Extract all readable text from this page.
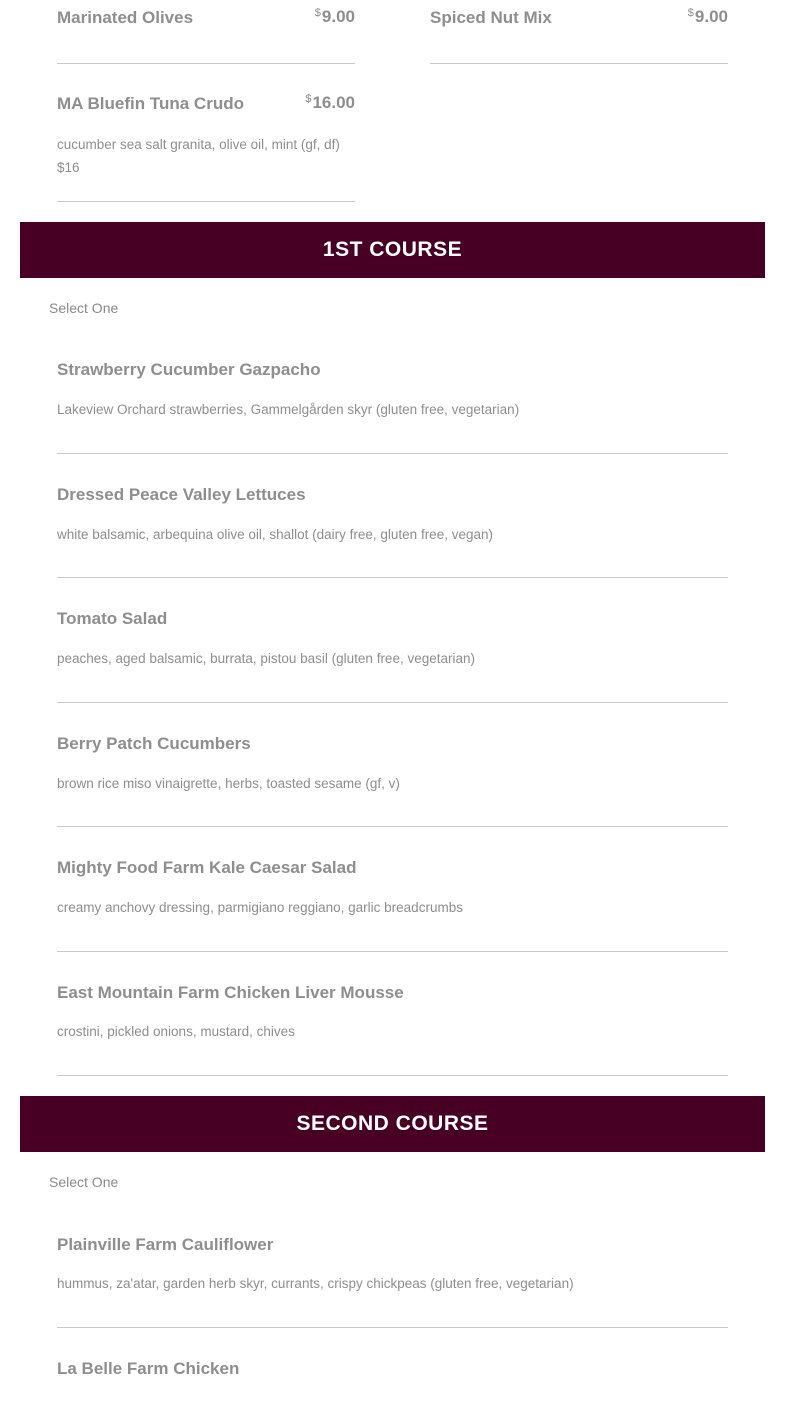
Marinated Olives	$9.00	Spiced Nut Mix	$9.00
MA Bluefin Tuna Crudo	$16.00
cucumber sea salt granita, olive oil, mint (gf, df)
$16
1ST COURSE
Select One
Strawberry Cucumber Gazpacho
Lakeview Orchard strawberries, Gammelgården skyr (gluten free, vegetarian)
Dressed Peace Valley Lettuces
white balsamic, arbequina olive oil, shallot (dairy free, gluten free, vegan)
Tomato Salad
peaches, aged balsamic, burrata, pistou basil (gluten free, vegetarian)
Berry Patch Cucumbers
brown rice miso vinaigrette, herbs, toasted sesame (gf, v)
Mighty Food Farm Kale Caesar Salad
creamy anchovy dressing, parmigiano reggiano, garlic breadcrumbs
East Mountain Farm Chicken Liver Mousse
crostini, pickled onions, mustard, chives
SECOND COURSE
Select One
Plainville Farm Cauliflower
hummus, za'atar, garden herb skyr, currants, crispy chickpeas (gluten free, vegetarian)
La Belle Farm Chicken
